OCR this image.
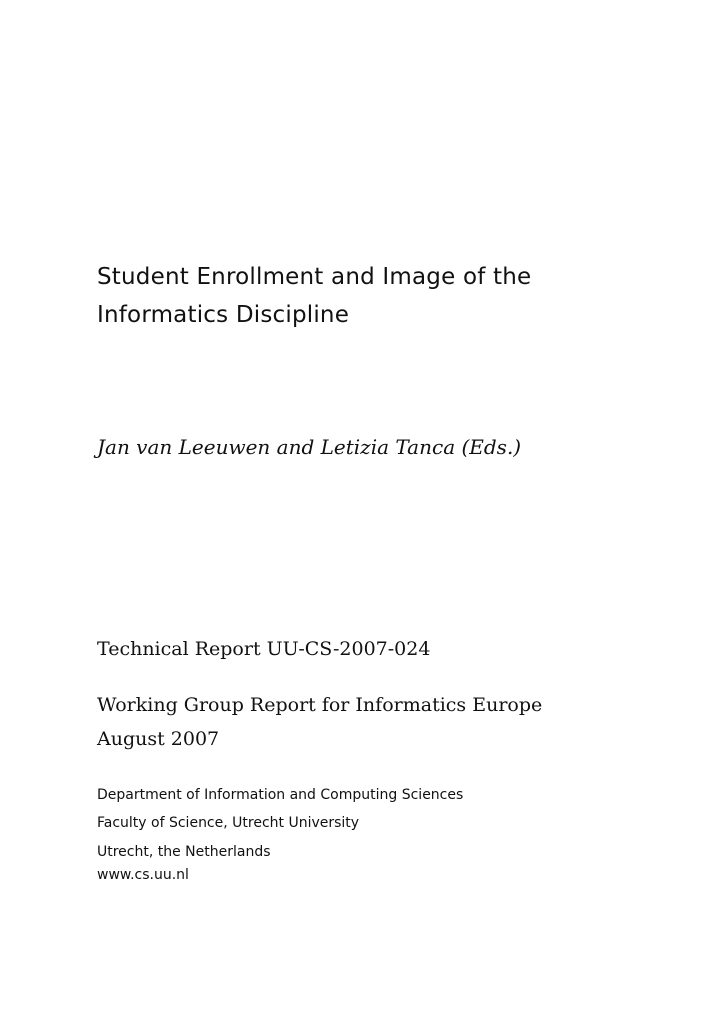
Student Enrollment and Image of the
Informatics Discipline
Jan van Leeuwen and Letizia Tanca (Eds.)
Technical Report UU-CS-2007-024
Working Group Report for Informatics Europe
August 2007
Department of Information and Computing Sciences
Faculty of Science, Utrecht University
Utrecht, the Netherlands
www.cs.uu.nl
